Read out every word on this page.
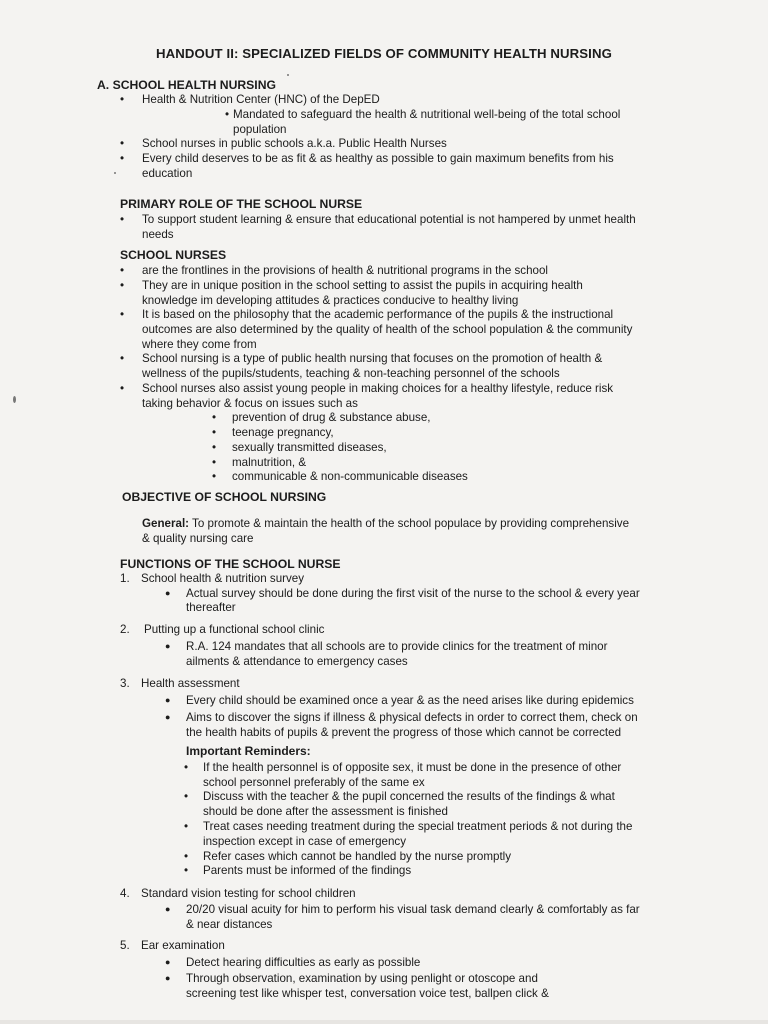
HANDOUT II: SPECIALIZED FIELDS OF COMMUNITY HEALTH NURSING
A. SCHOOL HEALTH NURSING
• Health & Nutrition Center (HNC) of the DepED
• Mandated to safeguard the health & nutritional well-being of the total school
population
• School nurses in public schools a.k.a. Public Health Nurses
• Every child deserves to be as fit & as healthy as possible to gain maximum benefits from his
education
PRIMARY ROLE OF THE SCHOOL NURSE
• To support student learning & ensure that educational potential is not hampered by unmet health
needs
SCHOOL NURSES
• are the frontlines in the provisions of health & nutritional programs in the school
• They are in unique position in the school setting to assist the pupils in acquiring health
knowledge im developing attitudes & practices conducive to healthy living
• It is based on the philosophy that the academic performance of the pupils & the instructional
outcomes are also determined by the quality of health of the school population & the community
where they come from
• School nursing is a type of public health nursing that focuses on the promotion of health &
wellness of the pupils/students, teaching & non-teaching personnel of the schools
• School nurses also assist young people in making choices for a healthy lifestyle, reduce risk
taking behavior & focus on issues such as
• prevention of drug & substance abuse,
• teenage pregnancy,
• sexually transmitted diseases,
• malnutrition, &
• communicable & non-communicable diseases
OBJECTIVE OF SCHOOL NURSING
General: To promote & maintain the health of the school populace by providing comprehensive
& quality nursing care
FUNCTIONS OF THE SCHOOL NURSE
1. School health & nutrition survey
● Actual survey should be done during the first visit of the nurse to the school & every year
thereafter
2. Putting up a functional school clinic
● R.A. 124 mandates that all schools are to provide clinics for the treatment of minor
ailments & attendance to emergency cases
3. Health assessment
● Every child should be examined once a year & as the need arises like during epidemics
● Aims to discover the signs if illness & physical defects in order to correct them, check on
the health habits of pupils & prevent the progress of those which cannot be corrected
Important Reminders:
• If the health personnel is of opposite sex, it must be done in the presence of other
school personnel preferably of the same ex
• Discuss with the teacher & the pupil concerned the results of the findings & what
should be done after the assessment is finished
• Treat cases needing treatment during the special treatment periods & not during the
inspection except in case of emergency
• Refer cases which cannot be handled by the nurse promptly
• Parents must be informed of the findings
4. Standard vision testing for school children
● 20/20 visual acuity for him to perform his visual task demand clearly & comfortably as far
& near distances
5. Ear examination
● Detect hearing difficulties as early as possible
● Through observation, examination by using penlight or otoscope and
screening test like whisper test, conversation voice test, ballpen click &
